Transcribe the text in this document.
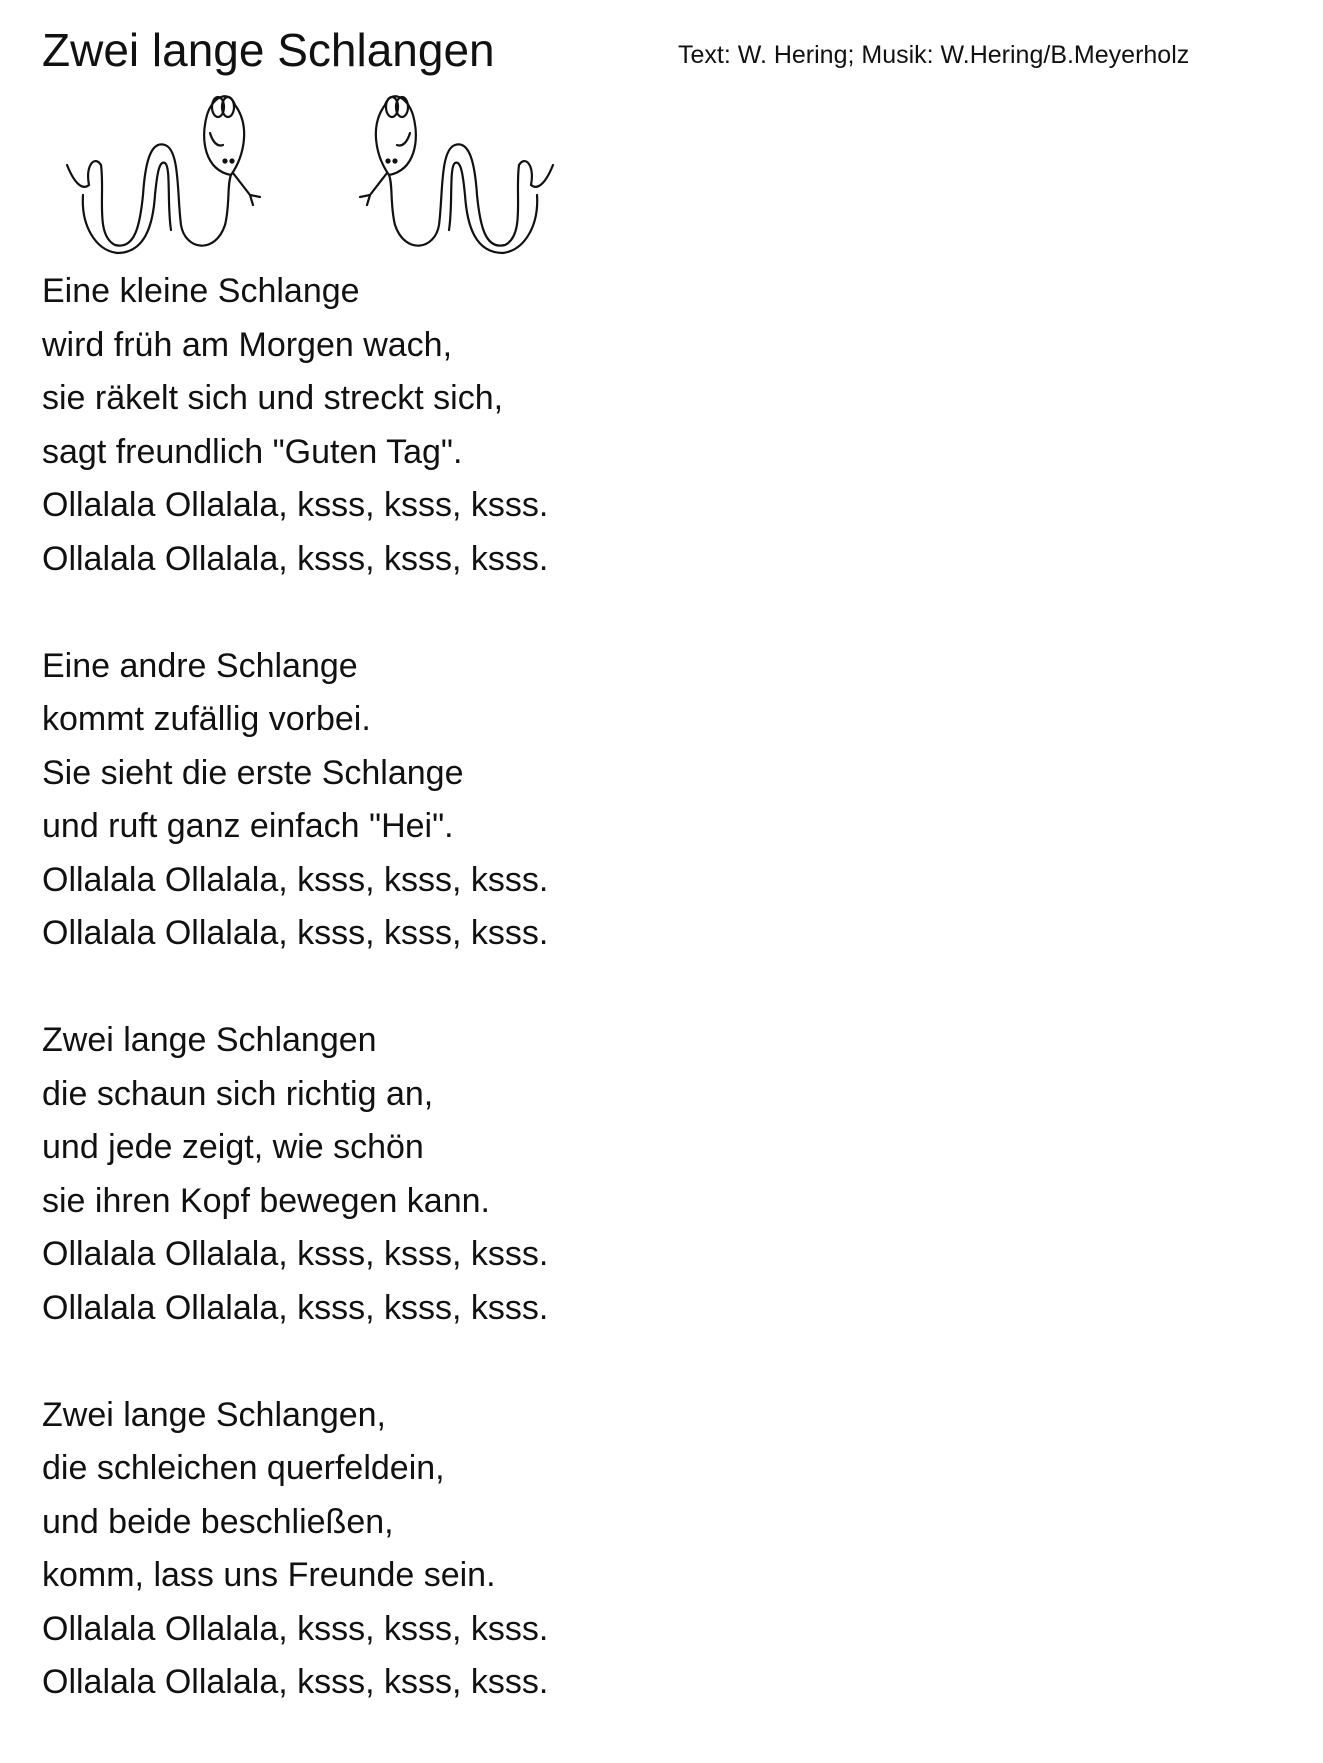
Zwei lange Schlangen	Text: W. Hering; Musik: W.Hering/B.Meyerholz
Eine kleine Schlange
wird früh am Morgen wach,
sie räkelt sich und streckt sich,
sagt freundlich "Guten Tag".
Ollalala Ollalala, ksss, ksss, ksss.
Ollalala Ollalala, ksss, ksss, ksss.
Eine andre Schlange
kommt zufällig vorbei.
Sie sieht die erste Schlange
und ruft ganz einfach "Hei".
Ollalala Ollalala, ksss, ksss, ksss.
Ollalala Ollalala, ksss, ksss, ksss.
Zwei lange Schlangen
die schaun sich richtig an,
und jede zeigt, wie schön
sie ihren Kopf bewegen kann.
Ollalala Ollalala, ksss, ksss, ksss.
Ollalala Ollalala, ksss, ksss, ksss.
Zwei lange Schlangen,
die schleichen querfeldein,
und beide beschließen,
komm, lass uns Freunde sein.
Ollalala Ollalala, ksss, ksss, ksss.
Ollalala Ollalala, ksss, ksss, ksss.
